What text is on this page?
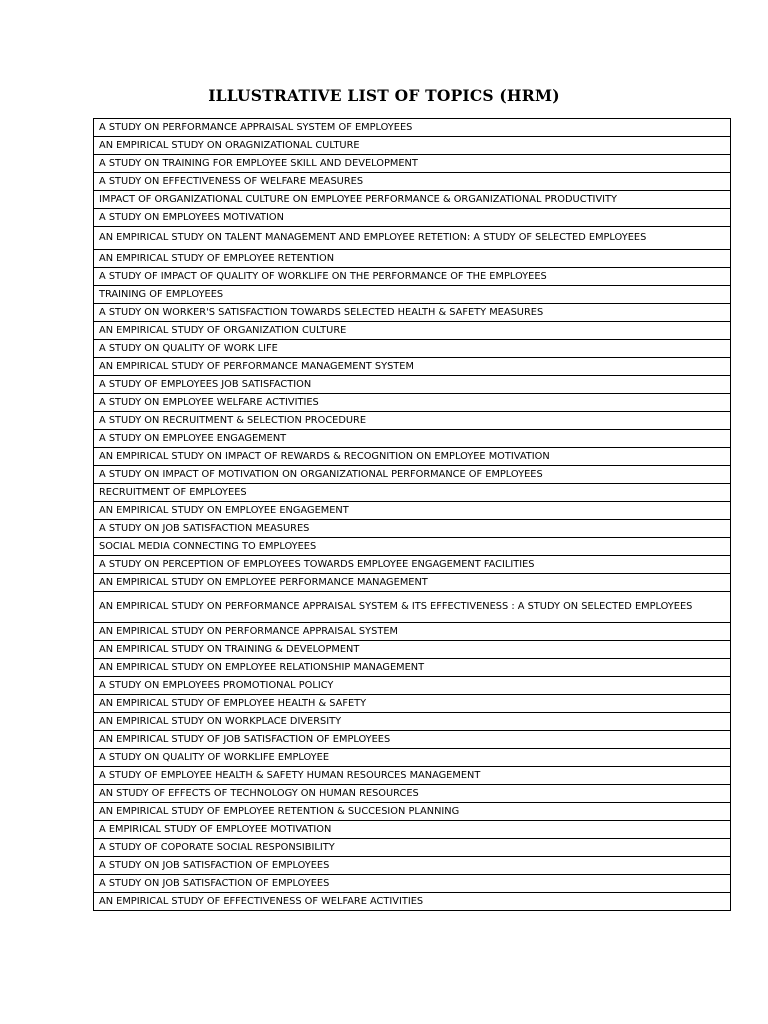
ILLUSTRATIVE LIST OF TOPICS (HRM)
A STUDY ON PERFORMANCE APPRAISAL SYSTEM OF EMPLOYEES
AN EMPIRICAL STUDY ON ORAGNIZATIONAL CULTURE
A STUDY ON TRAINING FOR EMPLOYEE SKILL AND DEVELOPMENT
A STUDY ON EFFECTIVENESS OF WELFARE MEASURES
IMPACT OF ORGANIZATIONAL CULTURE ON EMPLOYEE PERFORMANCE & ORGANIZATIONAL PRODUCTIVITY
A STUDY ON EMPLOYEES MOTIVATION
AN EMPIRICAL STUDY ON TALENT MANAGEMENT AND EMPLOYEE RETETION: A STUDY OF SELECTED EMPLOYEES
AN EMPIRICAL STUDY OF EMPLOYEE RETENTION
A STUDY OF IMPACT OF QUALITY OF WORKLIFE ON THE PERFORMANCE OF THE EMPLOYEES
TRAINING OF EMPLOYEES
A STUDY ON WORKER'S SATISFACTION TOWARDS SELECTED HEALTH & SAFETY MEASURES
AN EMPIRICAL STUDY OF ORGANIZATION CULTURE
A STUDY ON QUALITY OF WORK LIFE
AN EMPIRICAL STUDY OF PERFORMANCE MANAGEMENT SYSTEM
A STUDY OF EMPLOYEES JOB SATISFACTION
A STUDY ON EMPLOYEE WELFARE ACTIVITIES
A STUDY ON RECRUITMENT & SELECTION PROCEDURE
A STUDY ON EMPLOYEE ENGAGEMENT
AN EMPIRICAL STUDY ON IMPACT OF REWARDS & RECOGNITION ON EMPLOYEE MOTIVATION
A STUDY ON IMPACT OF MOTIVATION ON ORGANIZATIONAL PERFORMANCE OF EMPLOYEES
RECRUITMENT OF EMPLOYEES
AN EMPIRICAL STUDY ON EMPLOYEE ENGAGEMENT
A STUDY ON JOB SATISFACTION MEASURES
SOCIAL MEDIA CONNECTING TO EMPLOYEES
A STUDY ON PERCEPTION OF EMPLOYEES TOWARDS EMPLOYEE ENGAGEMENT FACILITIES
AN EMPIRICAL STUDY ON EMPLOYEE PERFORMANCE MANAGEMENT
AN EMPIRICAL STUDY ON PERFORMANCE APPRAISAL SYSTEM & ITS EFFECTIVENESS : A STUDY ON SELECTED EMPLOYEES
AN EMPIRICAL STUDY ON PERFORMANCE APPRAISAL SYSTEM
AN EMPIRICAL STUDY ON TRAINING & DEVELOPMENT
AN EMPIRICAL STUDY ON EMPLOYEE RELATIONSHIP MANAGEMENT
A STUDY ON EMPLOYEES PROMOTIONAL POLICY
AN EMPIRICAL STUDY OF EMPLOYEE HEALTH & SAFETY
AN EMPIRICAL STUDY ON WORKPLACE DIVERSITY
AN EMPIRICAL STUDY OF JOB SATISFACTION OF EMPLOYEES
A STUDY ON QUALITY OF WORKLIFE EMPLOYEE
A STUDY OF EMPLOYEE HEALTH & SAFETY HUMAN RESOURCES MANAGEMENT
AN STUDY OF EFFECTS OF TECHNOLOGY ON HUMAN RESOURCES
AN EMPIRICAL STUDY OF EMPLOYEE RETENTION & SUCCESION PLANNING
A EMPIRICAL STUDY OF EMPLOYEE MOTIVATION
A STUDY OF COPORATE SOCIAL RESPONSIBILITY
A STUDY ON JOB SATISFACTION OF EMPLOYEES
A STUDY ON JOB SATISFACTION OF EMPLOYEES
AN EMPIRICAL STUDY OF EFFECTIVENESS OF WELFARE ACTIVITIES
